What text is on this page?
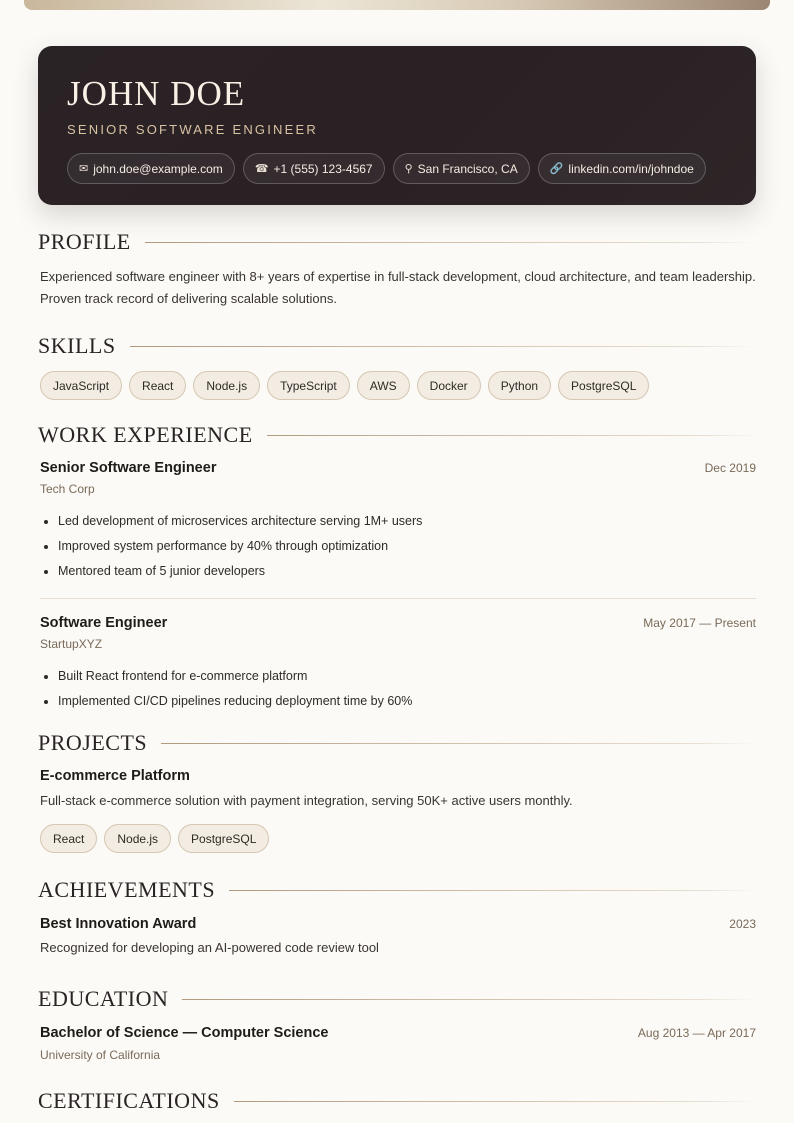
JOHN DOE
SENIOR SOFTWARE ENGINEER
✉ john.doe@example.com	☎ +1 (555) 123-4567	⚲ San Francisco, CA	🔗 linkedin.com/in/johndoe
PROFILE

Experienced software engineer with 8+ years of expertise in full-stack development, cloud architecture, and team leadership. Proven track record of delivering scalable solutions.

SKILLS
JavaScript	React	Node.js	TypeScript	AWS	Docker	Python	PostgreSQL
WORK EXPERIENCE
Senior Software Engineer	Dec 2019
Tech Corp
• Led development of microservices architecture serving 1M+ users
• Improved system performance by 40% through optimization
• Mentored team of 5 junior developers
Software Engineer	May 2017 — Present
StartupXYZ
• Built React frontend for e-commerce platform
• Implemented CI/CD pipelines reducing deployment time by 60%
PROJECTS
E-commerce Platform

Full-stack e-commerce solution with payment integration, serving 50K+ active users monthly.

React	Node.js	PostgreSQL
ACHIEVEMENTS
Best Innovation Award	2023

Recognized for developing an AI-powered code review tool

EDUCATION
Bachelor of Science — Computer Science	Aug 2013 — Apr 2017
University of California
CERTIFICATIONS
